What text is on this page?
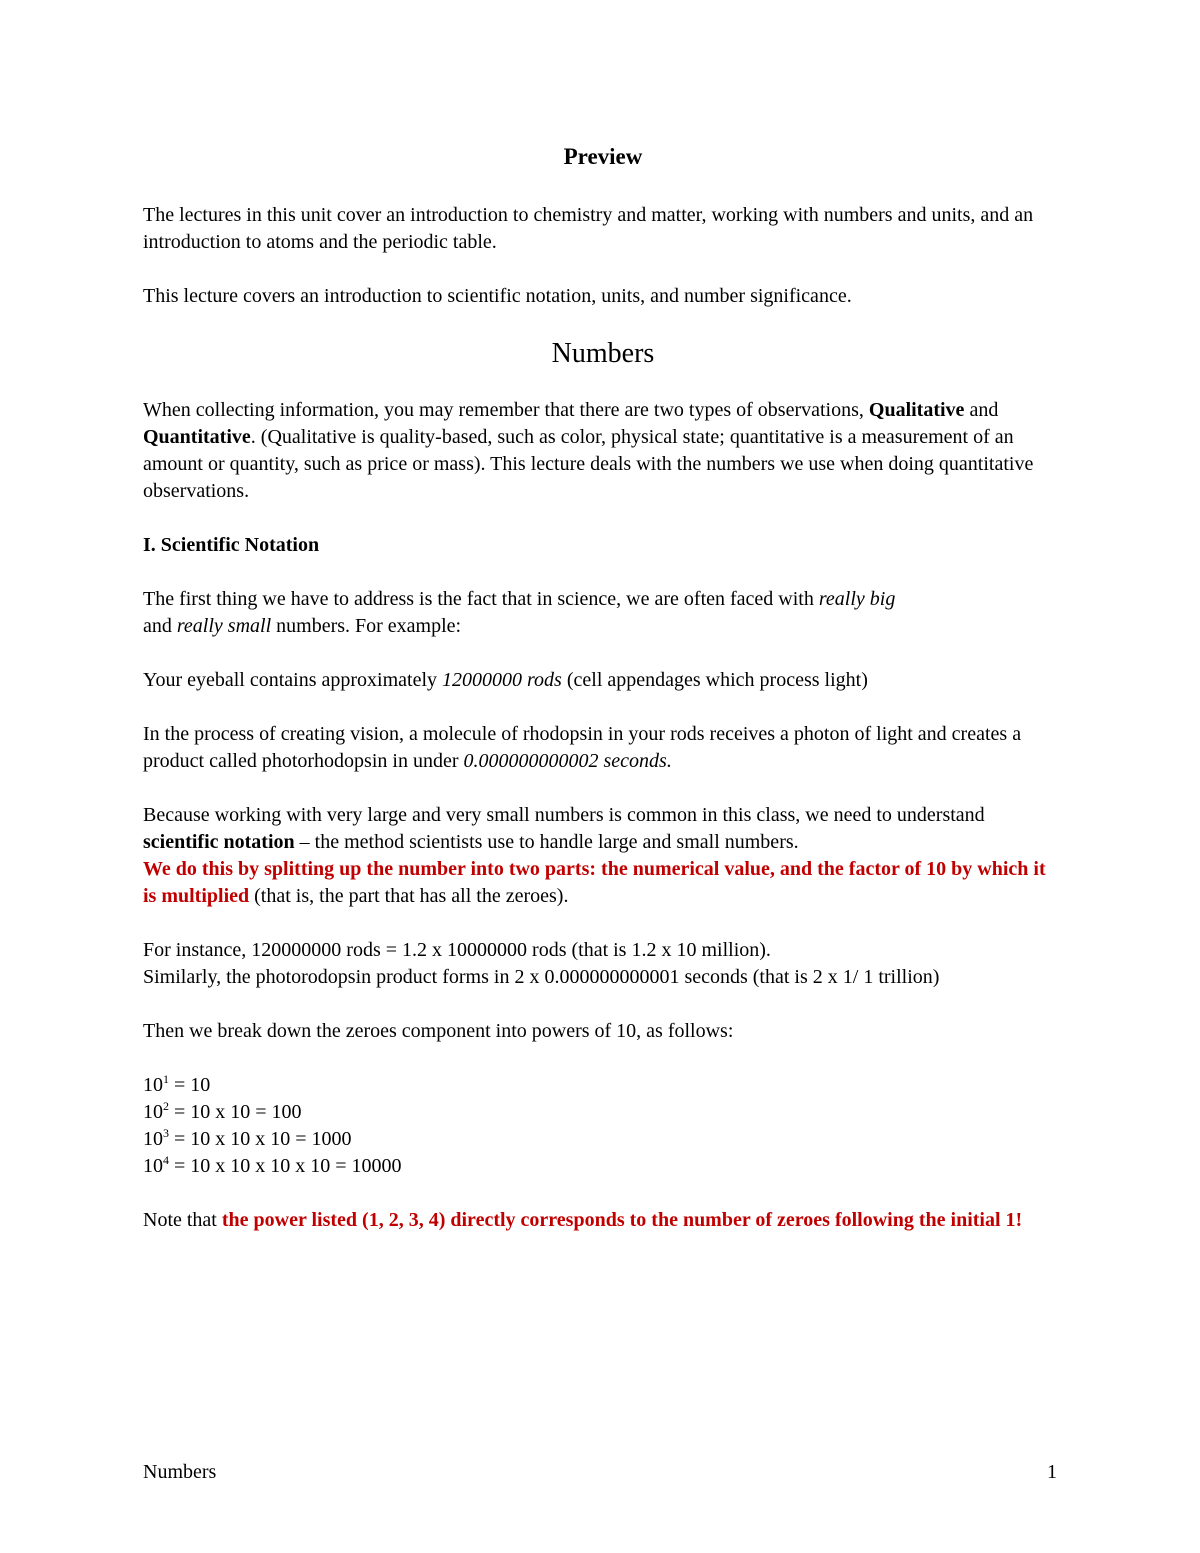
Preview

The lectures in this unit cover an introduction to chemistry and matter, working with numbers and units, and an introduction to atoms and the periodic table.

This lecture covers an introduction to scientific notation, units, and number significance.

Numbers

When collecting information, you may remember that there are two types of observations, Qualitative and Quantitative. (Qualitative is quality-based, such as color, physical state; quantitative is a measurement of an amount or quantity, such as price or mass). This lecture deals with the numbers we use when doing quantitative observations.

I. Scientific Notation

The first thing we have to address is the fact that in science, we are often faced with really big
and really small numbers. For example:

Your eyeball contains approximately 12000000 rods (cell appendages which process light)

In the process of creating vision, a molecule of rhodopsin in your rods receives a photon of light and creates a product called photorhodopsin in under 0.000000000002 seconds.

Because working with very large and very small numbers is common in this class, we need to understand scientific notation – the method scientists use to handle large and small numbers.
We do this by splitting up the number into two parts: the numerical value, and the factor of 10 by which it is multiplied (that is, the part that has all the zeroes).

For instance, 120000000 rods = 1.2 x 10000000 rods (that is 1.2 x 10 million).
Similarly, the photorodopsin product forms in 2 x 0.000000000001 seconds (that is 2 x 1/ 1 trillion)

Then we break down the zeroes component into powers of 10, as follows:

$10^1 = 10$
$10^2 = 10$ x 10 = 100
$10^3 = 10$ x 10 x 10 = 1000
$10^4 = 10$ x 10 x 10 x 10 = 10000

Note that the power listed (1, 2, 3, 4) directly corresponds to the number of zeroes following the initial 1!

Numbers	1
